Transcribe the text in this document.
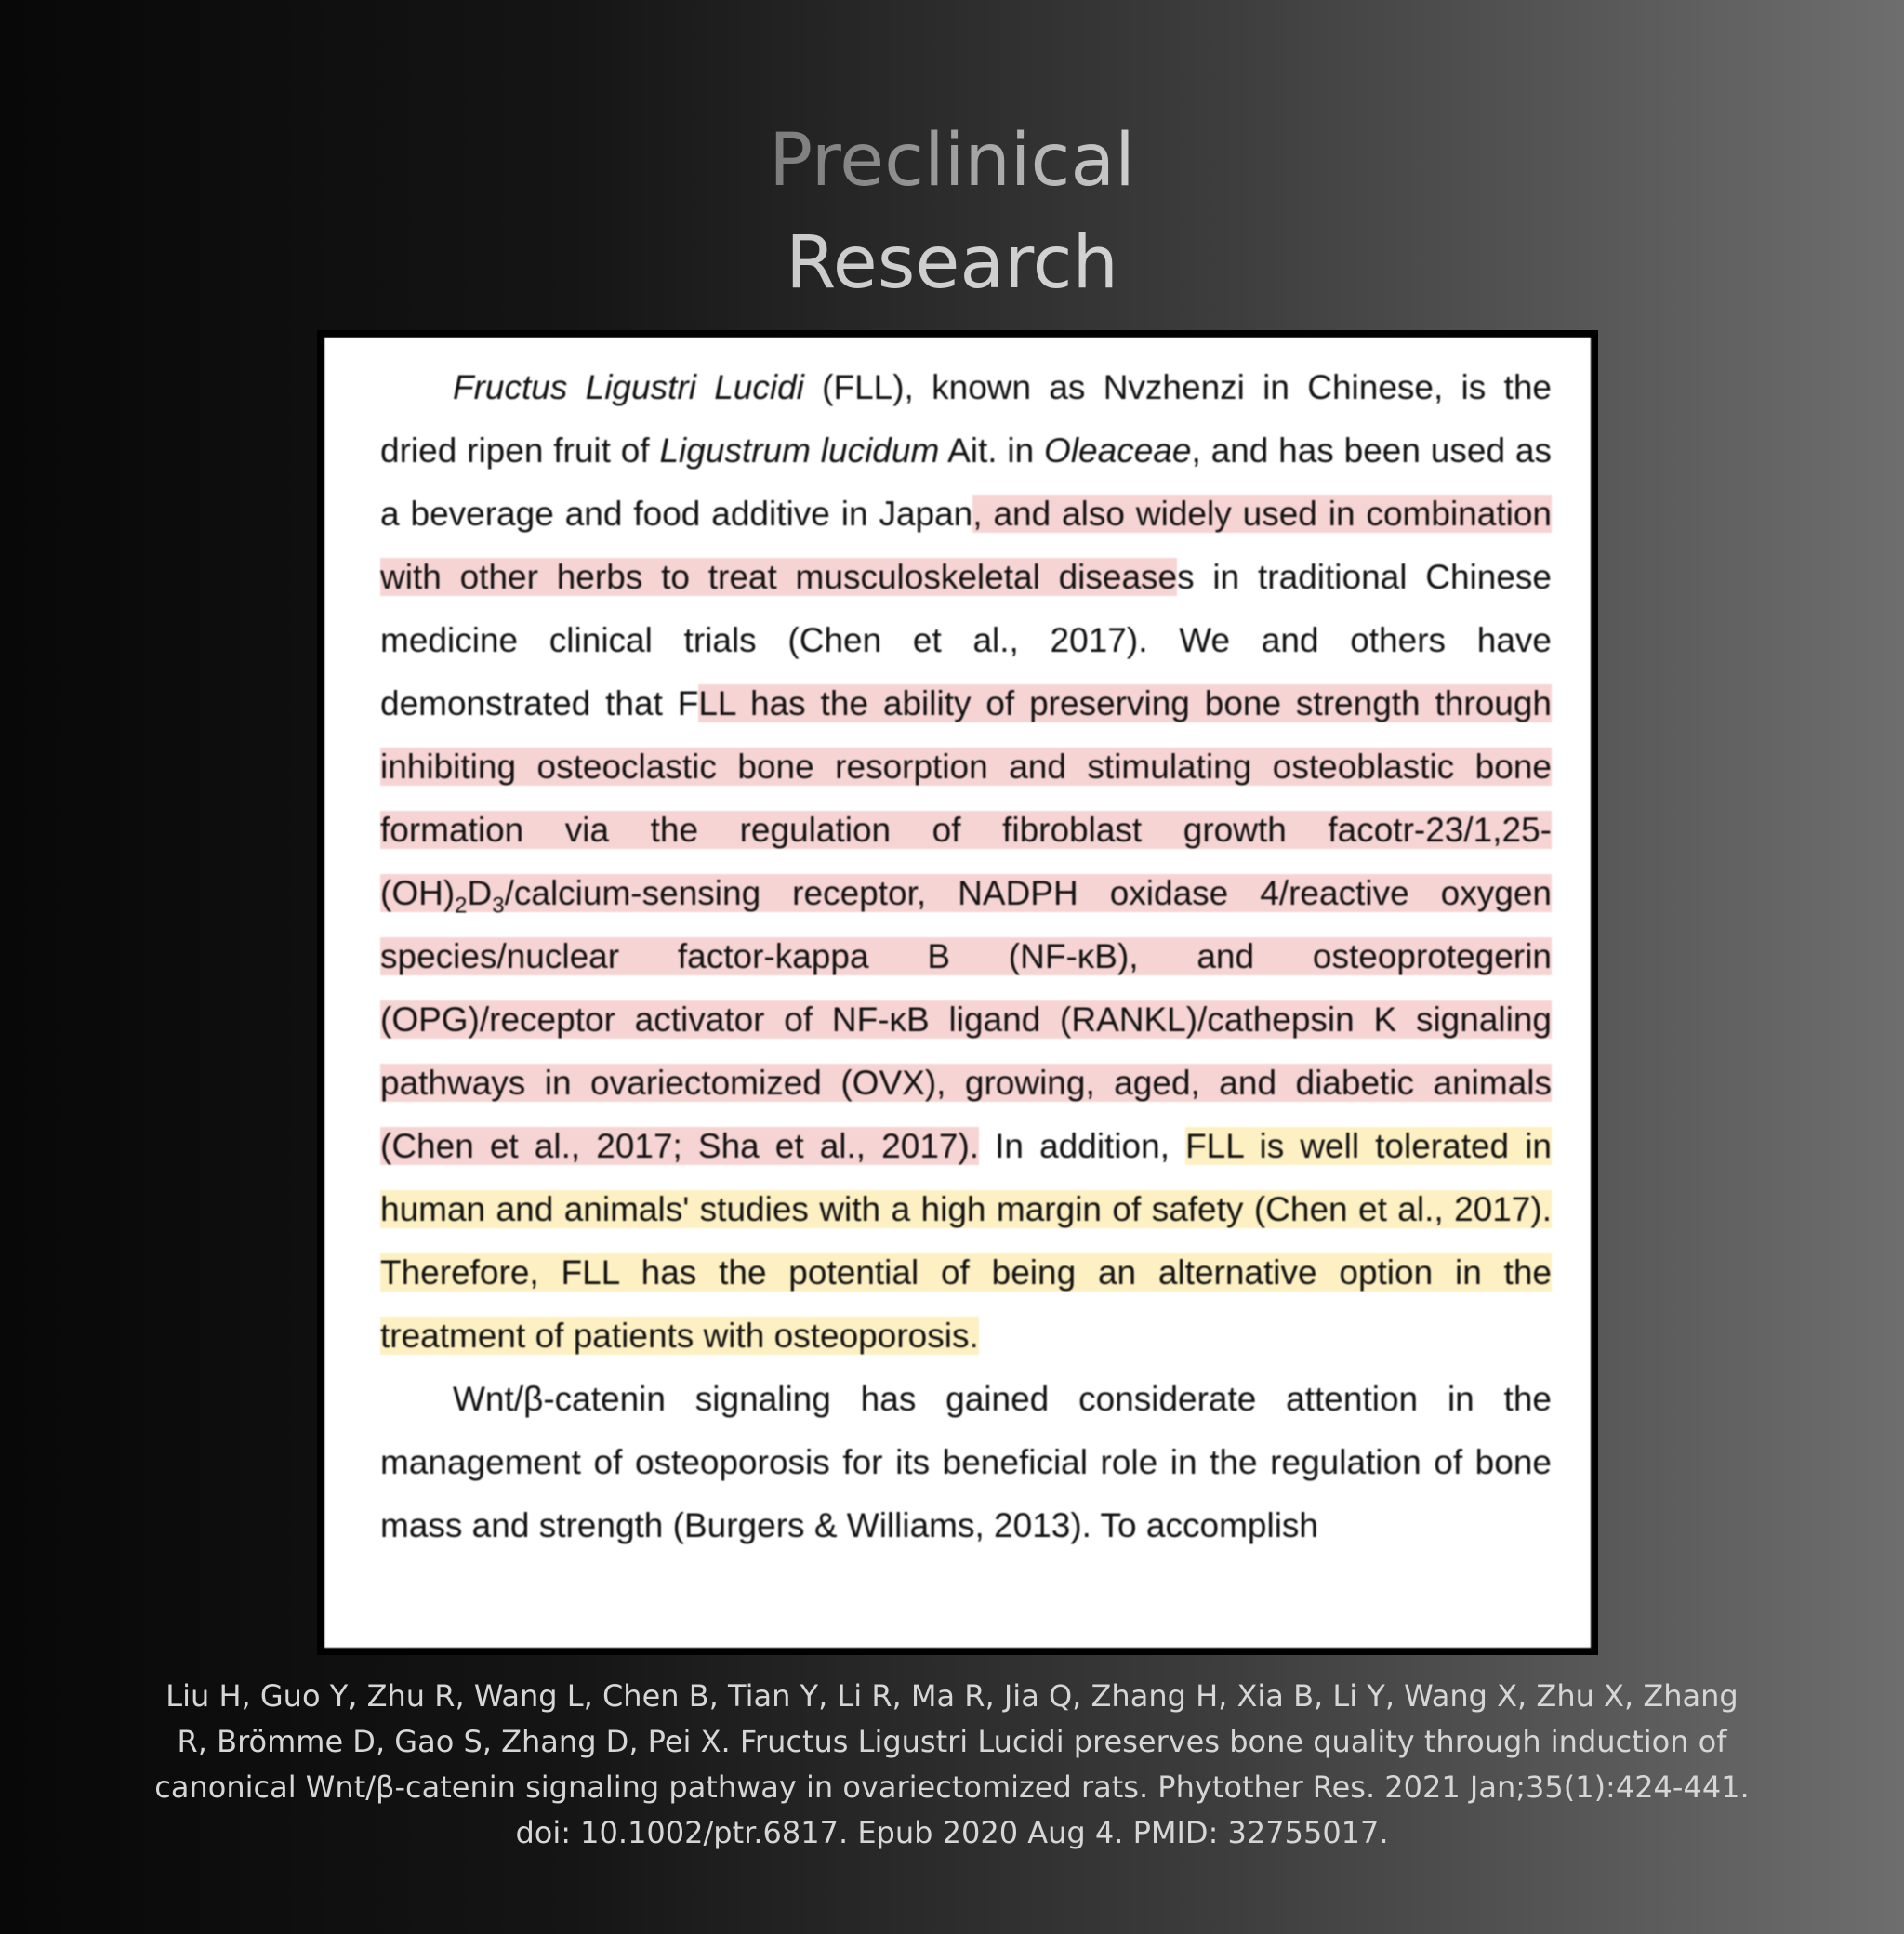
Preclinical
Research

Fructus Ligustri Lucidi (FLL), known as Nvzhenzi in Chinese, is the dried ripen fruit of Ligustrum lucidum Ait. in Oleaceae, and has been used as a beverage and food additive in Japan, and also widely used in combination with other herbs to treat musculoskeletal diseases in traditional Chinese medicine clinical trials (Chen et al., 2017). We and others have demonstrated that FLL has the ability of preserving bone strength through inhibiting osteoclastic bone resorption and stimulating osteoblastic bone formation via the regulation of fibroblast growth facotr-$23/1,25-(OH)_2D_3/calcium$-sensing receptor, NADPH oxidase 4/reactive oxygen species/nuclear factor-kappa B (NF-κB), and osteoprotegerin (OPG)/receptor activator of NF-κB ligand (RANKL)/cathepsin K signaling pathways in ovariectomized (OVX), growing, aged, and diabetic animals (Chen et al., 2017; Sha et al., 2017). In addition, FLL is well tolerated in human and animals' studies with a high margin of safety (Chen et al., 2017). Therefore, FLL has the potential of being an alternative option in the treatment of patients with osteoporosis.

Wnt/β-catenin signaling has gained considerate attention in the management of osteoporosis for its beneficial role in the regulation of bone mass and strength (Burgers & Williams, 2013). To accomplish

Liu H, Guo Y, Zhu R, Wang L, Chen B, Tian Y, Li R, Ma R, Jia Q, Zhang H, Xia B, Li Y, Wang X, Zhu X, Zhang R, Brömme D, Gao S, Zhang D, Pei X. Fructus Ligustri Lucidi preserves bone quality through induction of canonical Wnt/β-catenin signaling pathway in ovariectomized rats. Phytother Res. 2021 Jan;35(1):424-441. doi: 10.1002/ptr.6817. Epub 2020 Aug 4. PMID: 32755017.
